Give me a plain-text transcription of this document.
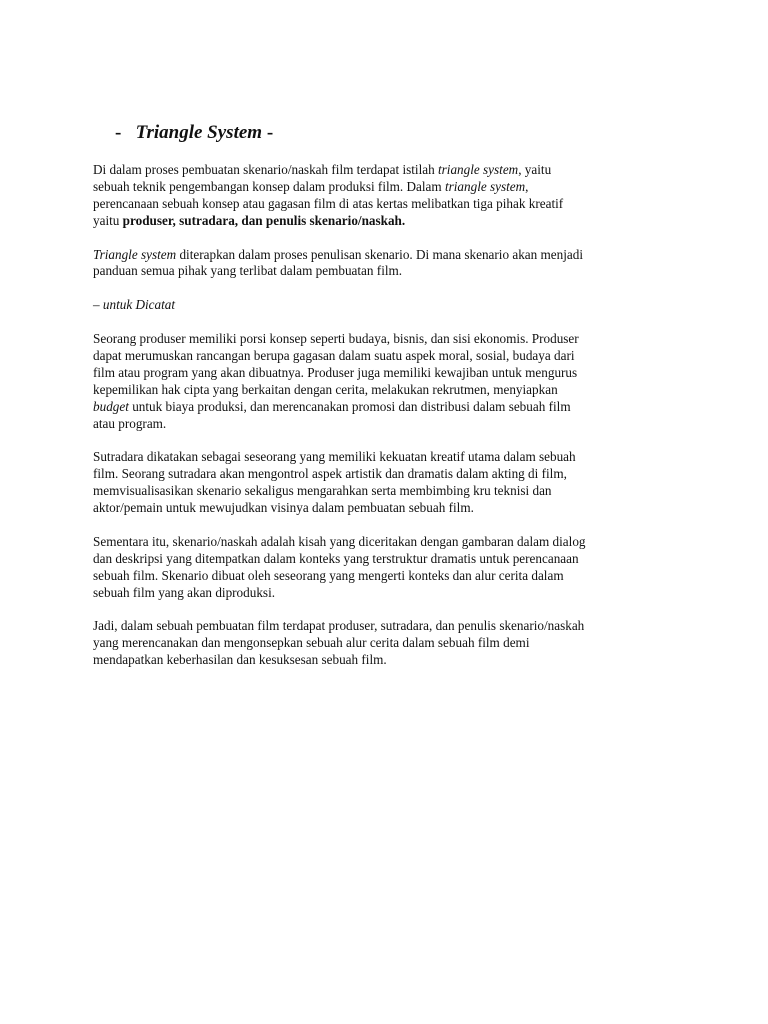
- Triangle System -

Di dalam proses pembuatan skenario/naskah film terdapat istilah triangle system, yaitu
sebuah teknik pengembangan konsep dalam produksi film. Dalam triangle system,
perencanaan sebuah konsep atau gagasan film di atas kertas melibatkan tiga pihak kreatif
yaitu produser, sutradara, dan penulis skenario/naskah.

Triangle system diterapkan dalam proses penulisan skenario. Di mana skenario akan menjadi
panduan semua pihak yang terlibat dalam pembuatan film.

– untuk Dicatat

Seorang produser memiliki porsi konsep seperti budaya, bisnis, dan sisi ekonomis. Produser
dapat merumuskan rancangan berupa gagasan dalam suatu aspek moral, sosial, budaya dari
film atau program yang akan dibuatnya. Produser juga memiliki kewajiban untuk mengurus
kepemilikan hak cipta yang berkaitan dengan cerita, melakukan rekrutmen, menyiapkan
budget untuk biaya produksi, dan merencanakan promosi dan distribusi dalam sebuah film
atau program.

Sutradara dikatakan sebagai seseorang yang memiliki kekuatan kreatif utama dalam sebuah
film. Seorang sutradara akan mengontrol aspek artistik dan dramatis dalam akting di film,
memvisualisasikan skenario sekaligus mengarahkan serta membimbing kru teknisi dan
aktor/pemain untuk mewujudkan visinya dalam pembuatan sebuah film.

Sementara itu, skenario/naskah adalah kisah yang diceritakan dengan gambaran dalam dialog
dan deskripsi yang ditempatkan dalam konteks yang terstruktur dramatis untuk perencanaan
sebuah film. Skenario dibuat oleh seseorang yang mengerti konteks dan alur cerita dalam
sebuah film yang akan diproduksi.

Jadi, dalam sebuah pembuatan film terdapat produser, sutradara, dan penulis skenario/naskah
yang merencanakan dan mengonsepkan sebuah alur cerita dalam sebuah film demi
mendapatkan keberhasilan dan kesuksesan sebuah film.
